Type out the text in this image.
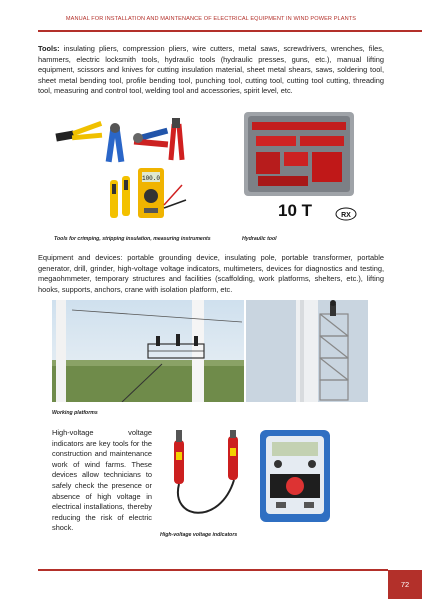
MANUAL FOR INSTALLATION AND MAINTENANCE OF ELECTRICAL EQUIPMENT IN WIND POWER PLANTS
Tools: insulating pliers, compression pliers, wire cutters, metal saws, screwdrivers, wrenches, files, hammers, electric locksmith tools, hydraulic tools (hydraulic presses, guns, etc.), manual lifting equipment, scissors and knives for cutting insulation material, sheet metal shears, saws, soldering tool, sheet metal bending tool, profile bending tool, punching tool, cutting tool, cutting tool cutting, threading tool, measuring and control tool, welding tool and accessories, spirit level, etc.
100.0
10 T	RX
Tools for crimping, stripping insulation, measuring instruments	Hydraulic tool
Equipment and devices: portable grounding device, insulating pole, portable transformer, portable generator, drill, grinder, high-voltage voltage indicators, multimeters, devices for diagnostics and testing, megaohmmeter, temporary structures and facilities (scaffolding, work platforms, shelters, etc.), lifting hooks, supports, anchors, crane with isolation platform, etc.
Working platforms
High-voltage voltage indicators are key tools for the construction and maintenance work of wind farms. These devices allow technicians to safely check the presence or absence of high voltage in electrical installations, thereby reducing the risk of electric shock.
High-voltage voltage indicators
72
